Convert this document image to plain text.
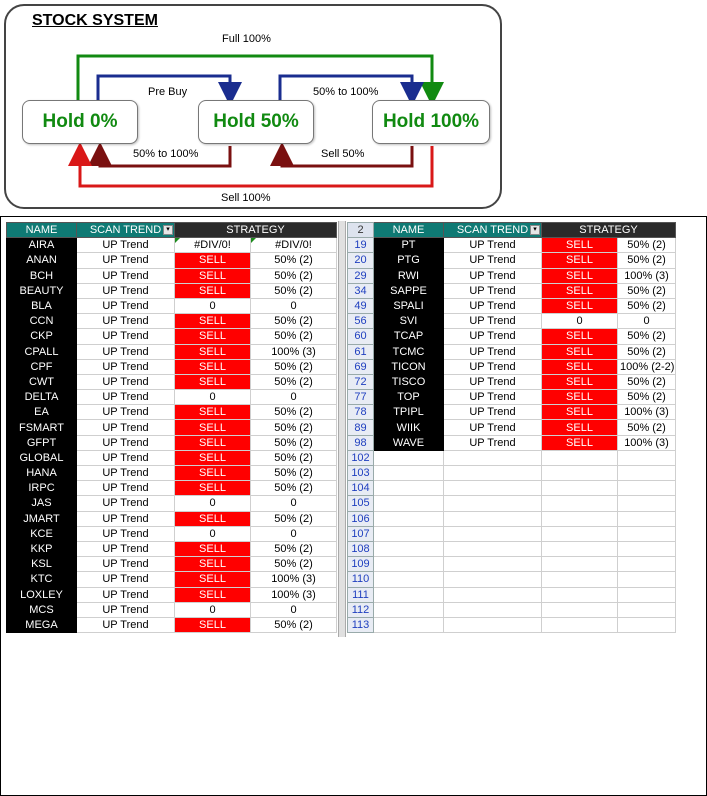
STOCK SYSTEM
Full 100%
Pre Buy	50% to 100%
50% to 100%	Sell 50%
Sell 100%
Hold 0%	Hold 50%	Hold 100%
NAME	SCAN TREND ▾	STRATEGY	
AIRA	UP Trend	#DIV/0!	#DIV/0!
ANAN	UP Trend	SELL	50% (2)
BCH	UP Trend	SELL	50% (2)
BEAUTY	UP Trend	SELL	50% (2)
BLA	UP Trend	0	0
CCN	UP Trend	SELL	50% (2)
CKP	UP Trend	SELL	50% (2)
CPALL	UP Trend	SELL	100% (3)
CPF	UP Trend	SELL	50% (2)
CWT	UP Trend	SELL	50% (2)
DELTA	UP Trend	0	0
EA	UP Trend	SELL	50% (2)
FSMART	UP Trend	SELL	50% (2)
GFPT	UP Trend	SELL	50% (2)
GLOBAL	UP Trend	SELL	50% (2)
HANA	UP Trend	SELL	50% (2)
IRPC	UP Trend	SELL	50% (2)
JAS	UP Trend	0	0
JMART	UP Trend	SELL	50% (2)
KCE	UP Trend	0	0
KKP	UP Trend	SELL	50% (2)
KSL	UP Trend	SELL	50% (2)
KTC	UP Trend	SELL	100% (3)
LOXLEY	UP Trend	SELL	100% (3)
MCS	UP Trend	0	0
MEGA	UP Trend	SELL	50% (2)
2	NAME	SCAN TREND ▾	STRATEGY	
19	PT	UP Trend	SELL	50% (2)
20	PTG	UP Trend	SELL	50% (2)
29	RWI	UP Trend	SELL	100% (3)
34	SAPPE	UP Trend	SELL	50% (2)
49	SPALI	UP Trend	SELL	50% (2)
56	SVI	UP Trend	0	0
60	TCAP	UP Trend	SELL	50% (2)
61	TCMC	UP Trend	SELL	50% (2)
69	TICON	UP Trend	SELL	100% (2-2)
72	TISCO	UP Trend	SELL	50% (2)
77	TOP	UP Trend	SELL	50% (2)
78	TPIPL	UP Trend	SELL	100% (3)
89	WIIK	UP Trend	SELL	50% (2)
98	WAVE	UP Trend	SELL	100% (3)
102				
103				
104				
105				
106				
107				
108				
109				
110				
111				
112				
113				
